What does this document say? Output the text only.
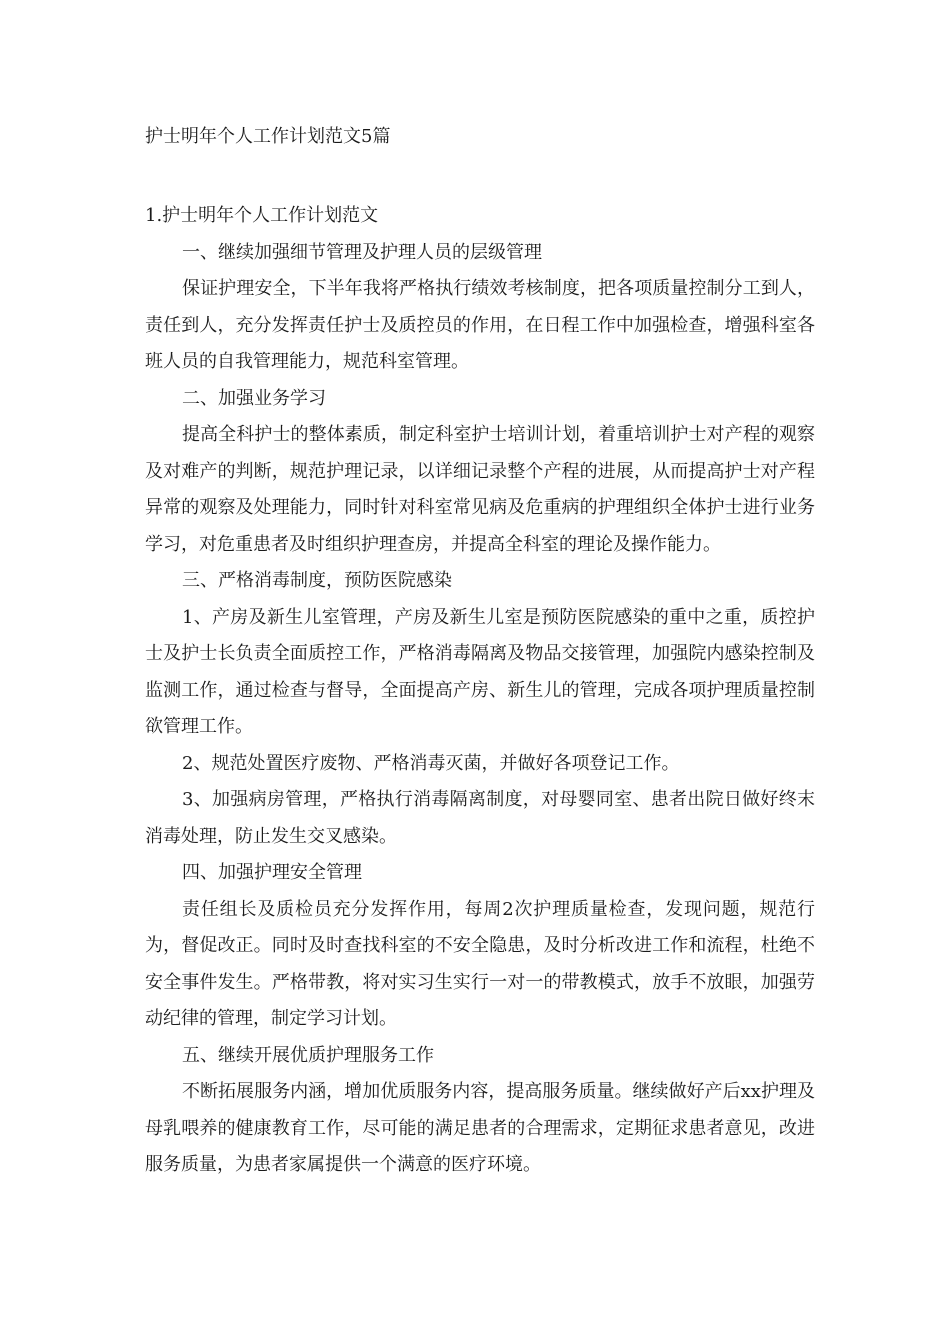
护士明年个人工作计划范文5篇

1.护士明年个人工作计划范文

一、继续加强细节管理及护理人员的层级管理

保证护理安全，下半年我将严格执行绩效考核制度，把各项质量控制分工到人，责任到人，充分发挥责任护士及质控员的作用，在日程工作中加强检查，增强科室各班人员的自我管理能力，规范科室管理。

二、加强业务学习

提高全科护士的整体素质，制定科室护士培训计划，着重培训护士对产程的观察及对难产的判断，规范护理记录，以详细记录整个产程的进展，从而提高护士对产程异常的观察及处理能力，同时针对科室常见病及危重病的护理组织全体护士进行业务学习，对危重患者及时组织护理查房，并提高全科室的理论及操作能力。

三、严格消毒制度，预防医院感染

1、产房及新生儿室管理，产房及新生儿室是预防医院感染的重中之重，质控护士及护士长负责全面质控工作，严格消毒隔离及物品交接管理，加强院内感染控制及监测工作，通过检查与督导，全面提高产房、新生儿的管理，完成各项护理质量控制欲管理工作。

2、规范处置医疗废物、严格消毒灭菌，并做好各项登记工作。

3、加强病房管理，严格执行消毒隔离制度，对母婴同室、患者出院日做好终末消毒处理，防止发生交叉感染。

四、加强护理安全管理

责任组长及质检员充分发挥作用，每周2次护理质量检查，发现问题，规范行为，督促改正。同时及时查找科室的不安全隐患，及时分析改进工作和流程，杜绝不安全事件发生。严格带教，将对实习生实行一对一的带教模式，放手不放眼，加强劳动纪律的管理，制定学习计划。

五、继续开展优质护理服务工作

不断拓展服务内涵，增加优质服务内容，提高服务质量。继续做好产后xx护理及母乳喂养的健康教育工作，尽可能的满足患者的合理需求，定期征求患者意见，改进服务质量，为患者家属提供一个满意的医疗环境。
